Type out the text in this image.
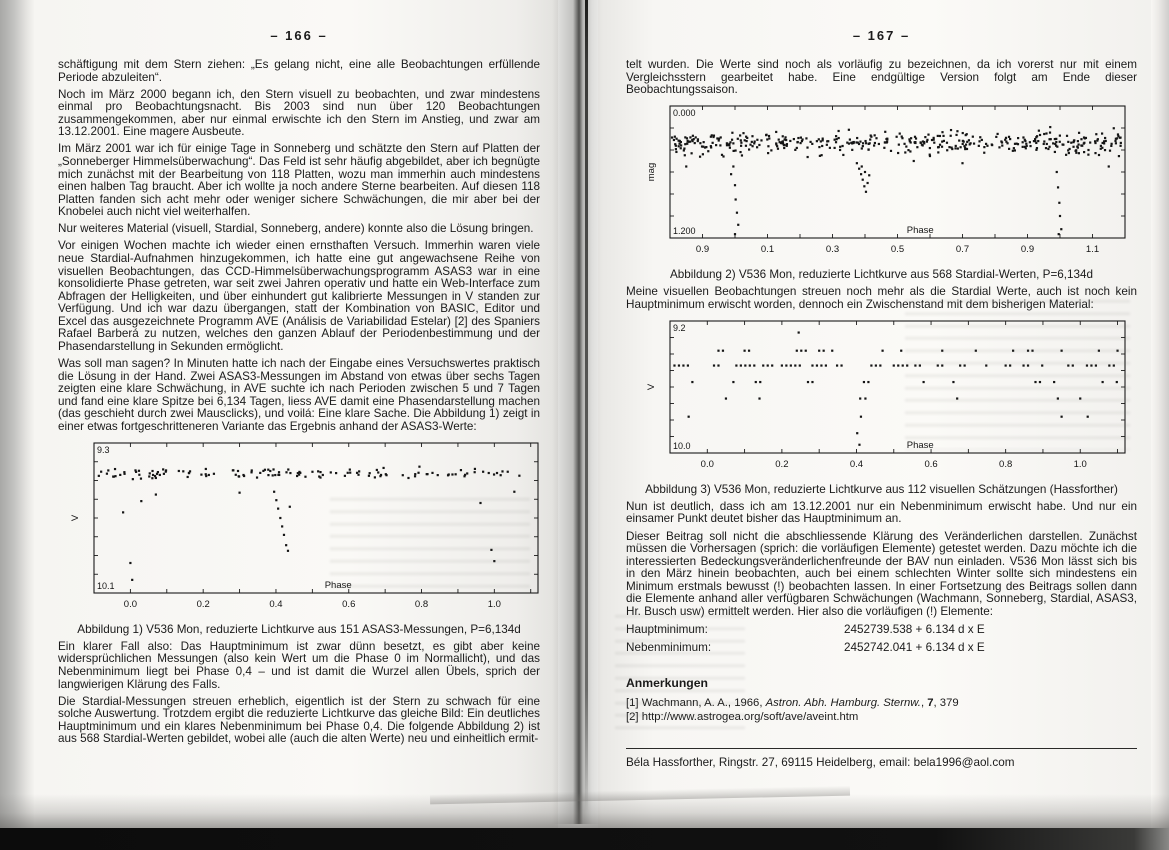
– 166 –

schäftigung mit dem Stern ziehen: „Es gelang nicht, eine alle Beobachtungen erfüllende Periode abzuleiten“.

Noch im März 2000 begann ich, den Stern visuell zu beobachten, und zwar mindestens einmal pro Beobachtungsnacht. Bis 2003 sind nun über 120 Beobachtungen zusammengekommen, aber nur einmal erwischte ich den Stern im Anstieg, und zwar am 13.12.2001. Eine magere Ausbeute.

Im März 2001 war ich für einige Tage in Sonneberg und schätzte den Stern auf Platten der „Sonneberger Himmelsüberwachung“. Das Feld ist sehr häufig abgebildet, aber ich begnügte mich zunächst mit der Bearbeitung von 118 Platten, wozu man immerhin auch mindestens einen halben Tag braucht. Aber ich wollte ja noch andere Sterne bearbeiten. Auf diesen 118 Platten fanden sich acht mehr oder weniger sichere Schwächungen, die mir aber bei der Knobelei auch nicht viel weiterhalfen.

Nur weiteres Material (visuell, Stardial, Sonneberg, andere) konnte also die Lösung bringen.

Vor einigen Wochen machte ich wieder einen ernsthaften Versuch. Immerhin waren viele neue Stardial-Aufnahmen hinzugekommen, ich hatte eine gut angewachsene Reihe von visuellen Beobachtungen, das CCD-Himmelsüberwachungsprogramm ASAS3 war in eine konsolidierte Phase getreten, war seit zwei Jahren operativ und hatte ein Web-Interface zum Abfragen der Helligkeiten, und über einhundert gut kalibrierte Messungen in V standen zur Verfügung. Und ich war dazu übergangen, statt der Kombination von BASIC, Editor und Excel das ausgezeichnete Programm AVE (Análisis de Variabilidad Estelar) [2] des Spaniers Rafael Barberá zu nutzen, welches den ganzen Ablauf der Periodenbestimmung und der Phasendarstellung in Sekunden ermöglicht.

Was soll man sagen? In Minuten hatte ich nach der Eingabe eines Versuchswertes praktisch die Lösung in der Hand. Zwei ASAS3-Messungen im Abstand von etwas über sechs Tagen zeigten eine klare Schwächung, in AVE suchte ich nach Perioden zwischen 5 und 7 Tagen und fand eine klare Spitze bei 6,134 Tagen, liess AVE damit eine Phasendarstellung machen (das geschieht durch zwei Mausclicks), und voilá: Eine klare Sache. Die Abbildung 1) zeigt in einer etwas fortgeschritteneren Variante das Ergebnis anhand der ASAS3-Werte:

9.3
10.1
V
Phase
0.0	0.2	0.4	0.6	0.8	1.0

Abbildung 1) V536 Mon, reduzierte Lichtkurve aus 151 ASAS3-Messungen, P=6,134d

Ein klarer Fall also: Das Hauptminimum ist zwar dünn besetzt, es gibt aber keine widersprüchlichen Messungen (also kein Wert um die Phase 0 im Normallicht), und das Nebenminimum liegt bei Phase 0,4 – und ist damit die Wurzel allen Übels, sprich der langwierigen Klärung des Falls.

Die Stardial-Messungen streuen erheblich, eigentlich ist der Stern zu schwach für eine solche Auswertung. Trotzdem ergibt die reduzierte Lichtkurve das gleiche Bild: Ein deutliches Hauptminimum und ein klares Nebenminimum bei Phase 0,4. Die folgende Abbildung 2) ist aus 568 Stardial-Werten gebildet, wobei alle (auch die alten Werte) neu und einheitlich ermit-

– 167 –

telt wurden. Die Werte sind noch als vorläufig zu bezeichnen, da ich vorerst nur mit einem Vergleichsstern gearbeitet habe. Eine endgültige Version folgt am Ende dieser Beobachtungssaison.

0.000
1.200
mag
Phase
0.9	0.1	0.3	0.5	0.7	0.9	1.1

Abbildung 2) V536 Mon, reduzierte Lichtkurve aus 568 Stardial-Werten, P=6,134d

Meine visuellen Beobachtungen streuen noch mehr als die Stardial Werte, auch ist noch kein Hauptminimum erwischt worden, dennoch ein Zwischenstand mit dem bisherigen Material:

9.2
10.0
V
Phase
0.0	0.2	0.4	0.6	0.8	1.0

Abbildung 3) V536 Mon, reduzierte Lichtkurve aus 112 visuellen Schätzungen (Hassforther)

Nun ist deutlich, dass ich am 13.12.2001 nur ein Nebenminimum erwischt habe. Und nur ein einsamer Punkt deutet bisher das Hauptminimum an.

Dieser Beitrag soll nicht die abschliessende Klärung des Veränderlichen darstellen. Zunächst müssen die Vorhersagen (sprich: die vorläufigen Elemente) getestet werden. Dazu möchte ich die interessierten Bedeckungsveränderlichenfreunde der BAV nun einladen. V536 Mon lässt sich bis in den März hinein beobachten, auch bei einem schlechten Winter sollte sich mindestens ein Minimum erstmals bewusst (!) beobachten lassen. In einer Fortsetzung des Beitrags sollen dann die Elemente anhand aller verfügbaren Schwächungen (Wachmann, Sonneberg, Stardial, ASAS3, Hr. Busch usw) ermittelt werden. Hier also die vorläufigen (!) Elemente:

Hauptminimum:	2452739.538 + 6.134 d x E
Nebenminimum:	2452742.041 + 6.134 d x E
Anmerkungen

[1] Wachmann, A. A., 1966, Astron. Abh. Hamburg. Sternw., 7, 379

[2] http://www.astrogea.org/soft/ave/aveint.htm

Béla Hassforther, Ringstr. 27, 69115 Heidelberg, email: bela1996@aol.com
